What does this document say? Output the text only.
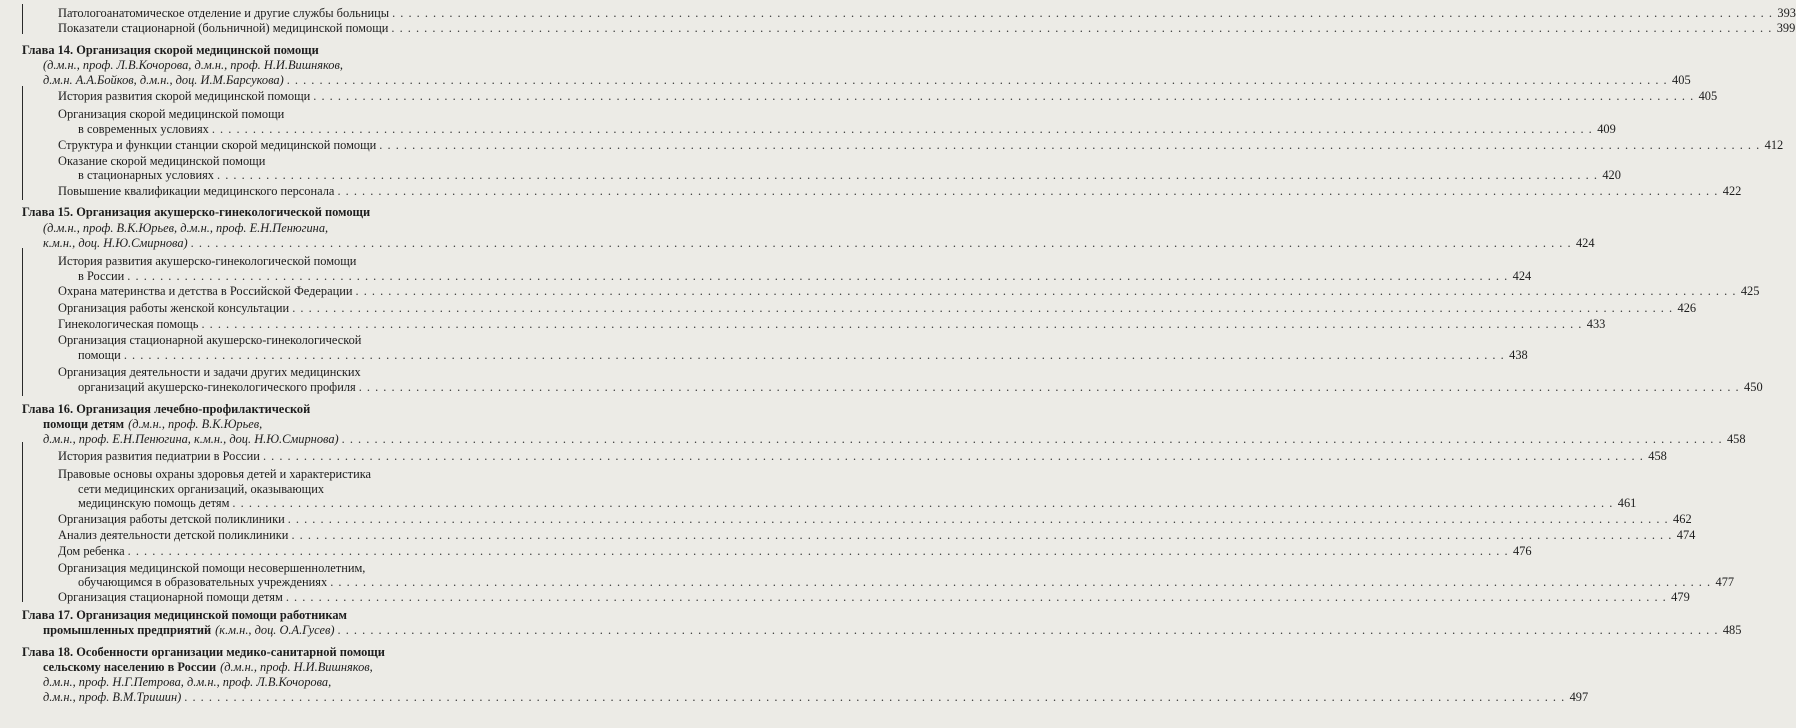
Патологоанатомическое отделение и другие службы больницы . . .	393
Показатели стационарной (больничной) медицинской помощи . . .	399
Глава 14. Организация скорой медицинской помощи
(д.м.н., проф. Л.В.Кочорова, д.м.н., проф. Н.И.Вишняков,
д.м.н. А.А.Бойков, д.м.н., доц. И.М.Барсукова) . . .	405
История развития скорой медицинской помощи . . .	405
Организация скорой медицинской помощи
в современных условиях . . .	409
Структура и функции станции скорой медицинской помощи . . .	412
Оказание скорой медицинской помощи
в стационарных условиях . . .	420
Повышение квалификации медицинского персонала . . .	422
Глава 15. Организация акушерско-гинекологической помощи
(д.м.н., проф. В.К.Юрьев, д.м.н., проф. Е.Н.Пенюгина,
к.м.н., доц. Н.Ю.Смирнова) . . .	424
История развития акушерско-гинекологической помощи
в России . . .	424
Охрана материнства и детства в Российской Федерации . . .	425
Организация работы женской консультации . . .	426
Гинекологическая помощь . . .	433
Организация стационарной акушерско-гинекологической
помощи . . .	438
Организация деятельности и задачи других медицинских
организаций акушерско-гинекологического профиля . . .	450
Глава 16. Организация лечебно-профилактической
помощи детям (д.м.н., проф. В.К.Юрьев,
д.м.н., проф. Е.Н.Пенюгина, к.м.н., доц. Н.Ю.Смирнова) . . .	458
История развития педиатрии в России . . .	458
Правовые основы охраны здоровья детей и характеристика
сети медицинских организаций, оказывающих
медицинскую помощь детям . . .	461
Организация работы детской поликлиники . . .	462
Анализ деятельности детской поликлиники . . .	474
Дом ребенка . . .	476
Организация медицинской помощи несовершеннолетним,
обучающимся в образовательных учреждениях . . .	477
Организация стационарной помощи детям . . .	479
Глава 17. Организация медицинской помощи работникам
промышленных предприятий (к.м.н., доц. О.А.Гусев) . . .	485
Глава 18. Особенности организации медико-санитарной помощи
сельскому населению в России (д.м.н., проф. Н.И.Вишняков,
д.м.н., проф. Н.Г.Петрова, д.м.н., проф. Л.В.Кочорова,
д.м.н., проф. В.М.Тришин) . . .	497
